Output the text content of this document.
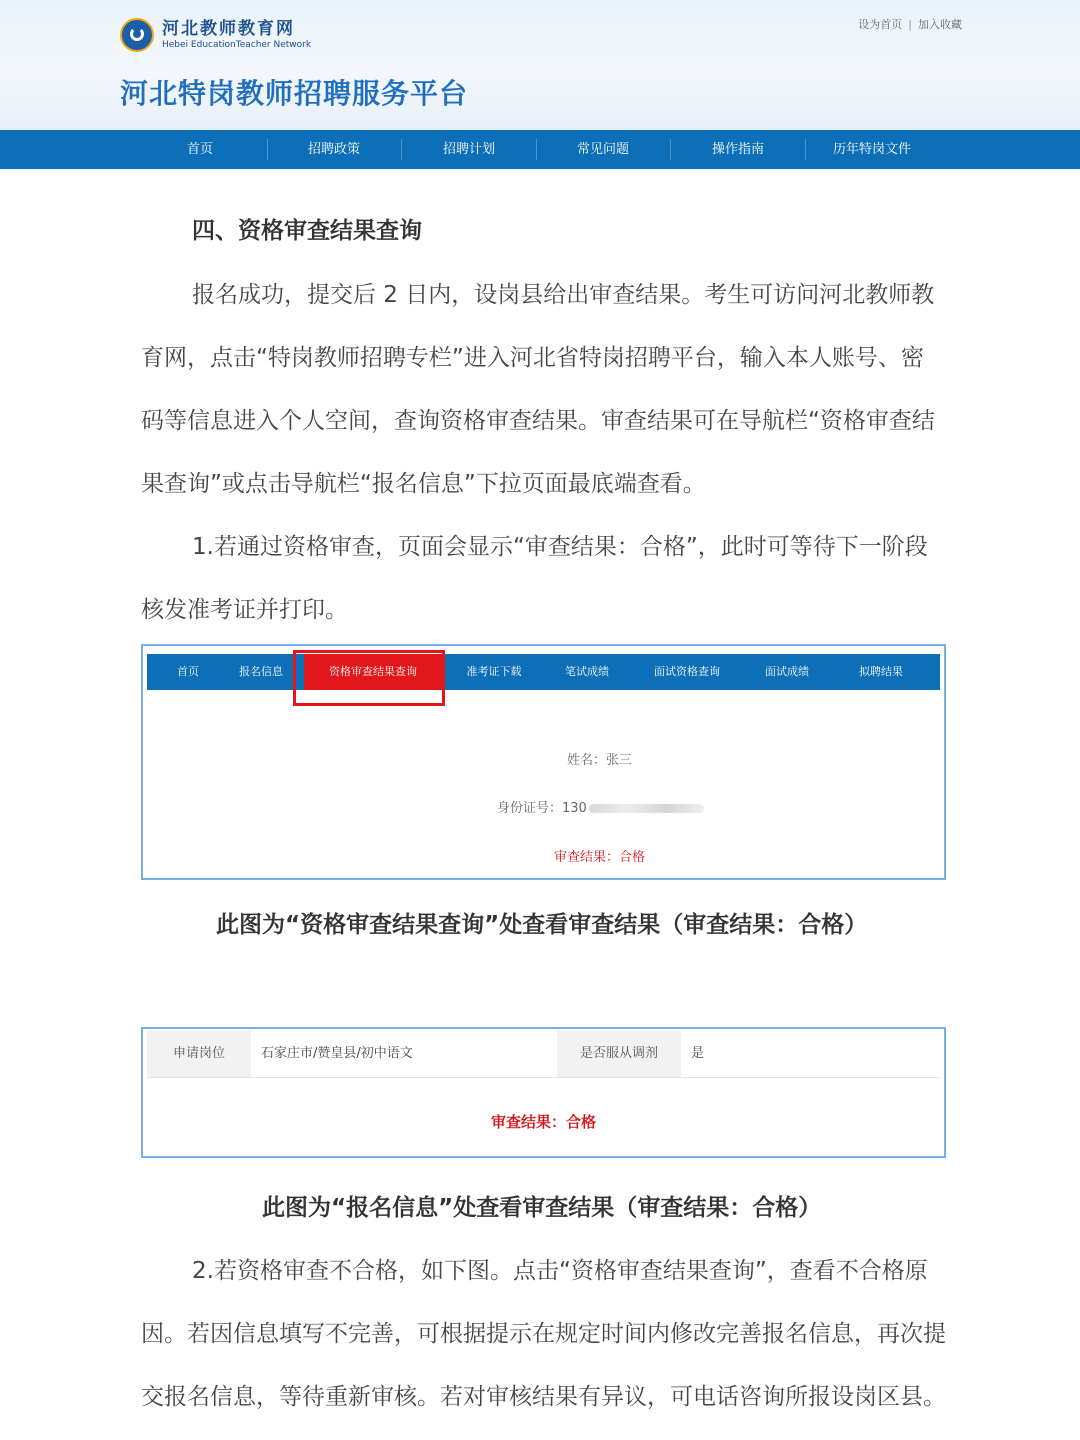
河北教师教育网
Hebei EducationTeacher Network
设为首页 | 加入收藏
河北特岗教师招聘服务平台
首页	招聘政策	招聘计划	常见问题	操作指南	历年特岗文件
四、资格审查结果查询
报名成功，提交后 2 日内，设岗县给出审查结果。考生可访问河北教师教
育网，点击“特岗教师招聘专栏”进入河北省特岗招聘平台，输入本人账号、密
码等信息进入个人空间，查询资格审查结果。审查结果可在导航栏“资格审查结
果查询”或点击导航栏“报名信息”下拉页面最底端查看。
1.若通过资格审查，页面会显示“审查结果：合格”，此时可等待下一阶段
核发准考证并打印。
首页	报名信息	资格审查结果查询	准考证下载	笔试成绩	面试资格查询	面试成绩	拟聘结果
姓名：张三
身份证号：130
审查结果：合格
此图为“资格审查结果查询”处查看审查结果（审查结果：合格）
申请岗位	石家庄市/赞皇县/初中语文	是否服从调剂	是
审查结果：合格
此图为“报名信息”处查看审查结果（审查结果：合格）
2.若资格审查不合格，如下图。点击“资格审查结果查询”，查看不合格原
因。若因信息填写不完善，可根据提示在规定时间内修改完善报名信息，再次提
交报名信息，等待重新审核。若对审核结果有异议，可电话咨询所报设岗区县。
